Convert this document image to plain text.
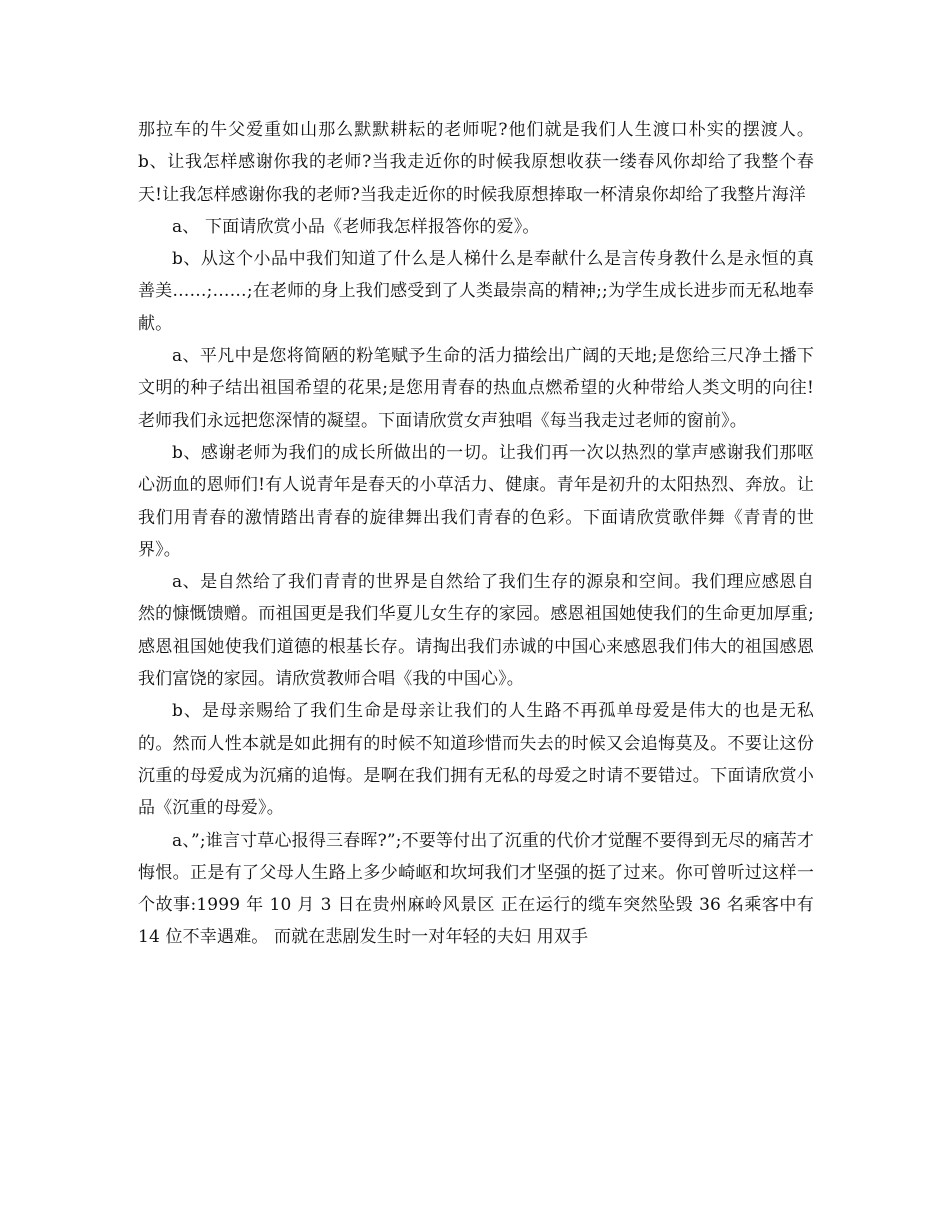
那拉车的牛父爱重如山那么默默耕耘的老师呢?他们就是我们人生渡口朴实的摆渡人。 b、让我怎样感谢你我的老师?当我走近你的时候我原想收获一缕春风你却给了我整个春天!让我怎样感谢你我的老师?当我走近你的时候我原想捧取一杯清泉你却给了我整片海洋

a、 下面请欣赏小品《老师我怎样报答你的爱》。

b、从这个小品中我们知道了什么是人梯什么是奉献什么是言传身教什么是永恒的真善美……;……;在老师的身上我们感受到了人类最崇高的精神;;为学生成长进步而无私地奉献。

a、平凡中是您将简陋的粉笔赋予生命的活力描绘出广阔的天地;是您给三尺净土播下文明的种子结出祖国希望的花果;是您用青春的热血点燃希望的火种带给人类文明的向往!老师我们永远把您深情的凝望。下面请欣赏女声独唱《每当我走过老师的窗前》。

b、感谢老师为我们的成长所做出的一切。让我们再一次以热烈的掌声感谢我们那呕心沥血的恩师们!有人说青年是春天的小草活力、健康。青年是初升的太阳热烈、奔放。让我们用青春的激情踏出青春的旋律舞出我们青春的色彩。下面请欣赏歌伴舞《青青的世界》。

a、是自然给了我们青青的世界是自然给了我们生存的源泉和空间。我们理应感恩自然的慷慨馈赠。而祖国更是我们华夏儿女生存的家园。感恩祖国她使我们的生命更加厚重;感恩祖国她使我们道德的根基长存。请掏出我们赤诚的中国心来感恩我们伟大的祖国感恩我们富饶的家园。请欣赏教师合唱《我的中国心》。

b、是母亲赐给了我们生命是母亲让我们的人生路不再孤单母爱是伟大的也是无私的。然而人性本就是如此拥有的时候不知道珍惜而失去的时候又会追悔莫及。不要让这份沉重的母爱成为沉痛的追悔。是啊在我们拥有无私的母爱之时请不要错过。下面请欣赏小品《沉重的母爱》。

a、”;谁言寸草心报得三春晖?”;不要等付出了沉重的代价才觉醒不要得到无尽的痛苦才悔恨。正是有了父母人生路上多少崎岖和坎坷我们才坚强的挺了过来。你可曾听过这样一个故事:1999 年 10 月 3 日在贵州麻岭风景区 正在运行的缆车突然坠毁 36 名乘客中有 14 位不幸遇难。 而就在悲剧发生时一对年轻的夫妇 用双手
